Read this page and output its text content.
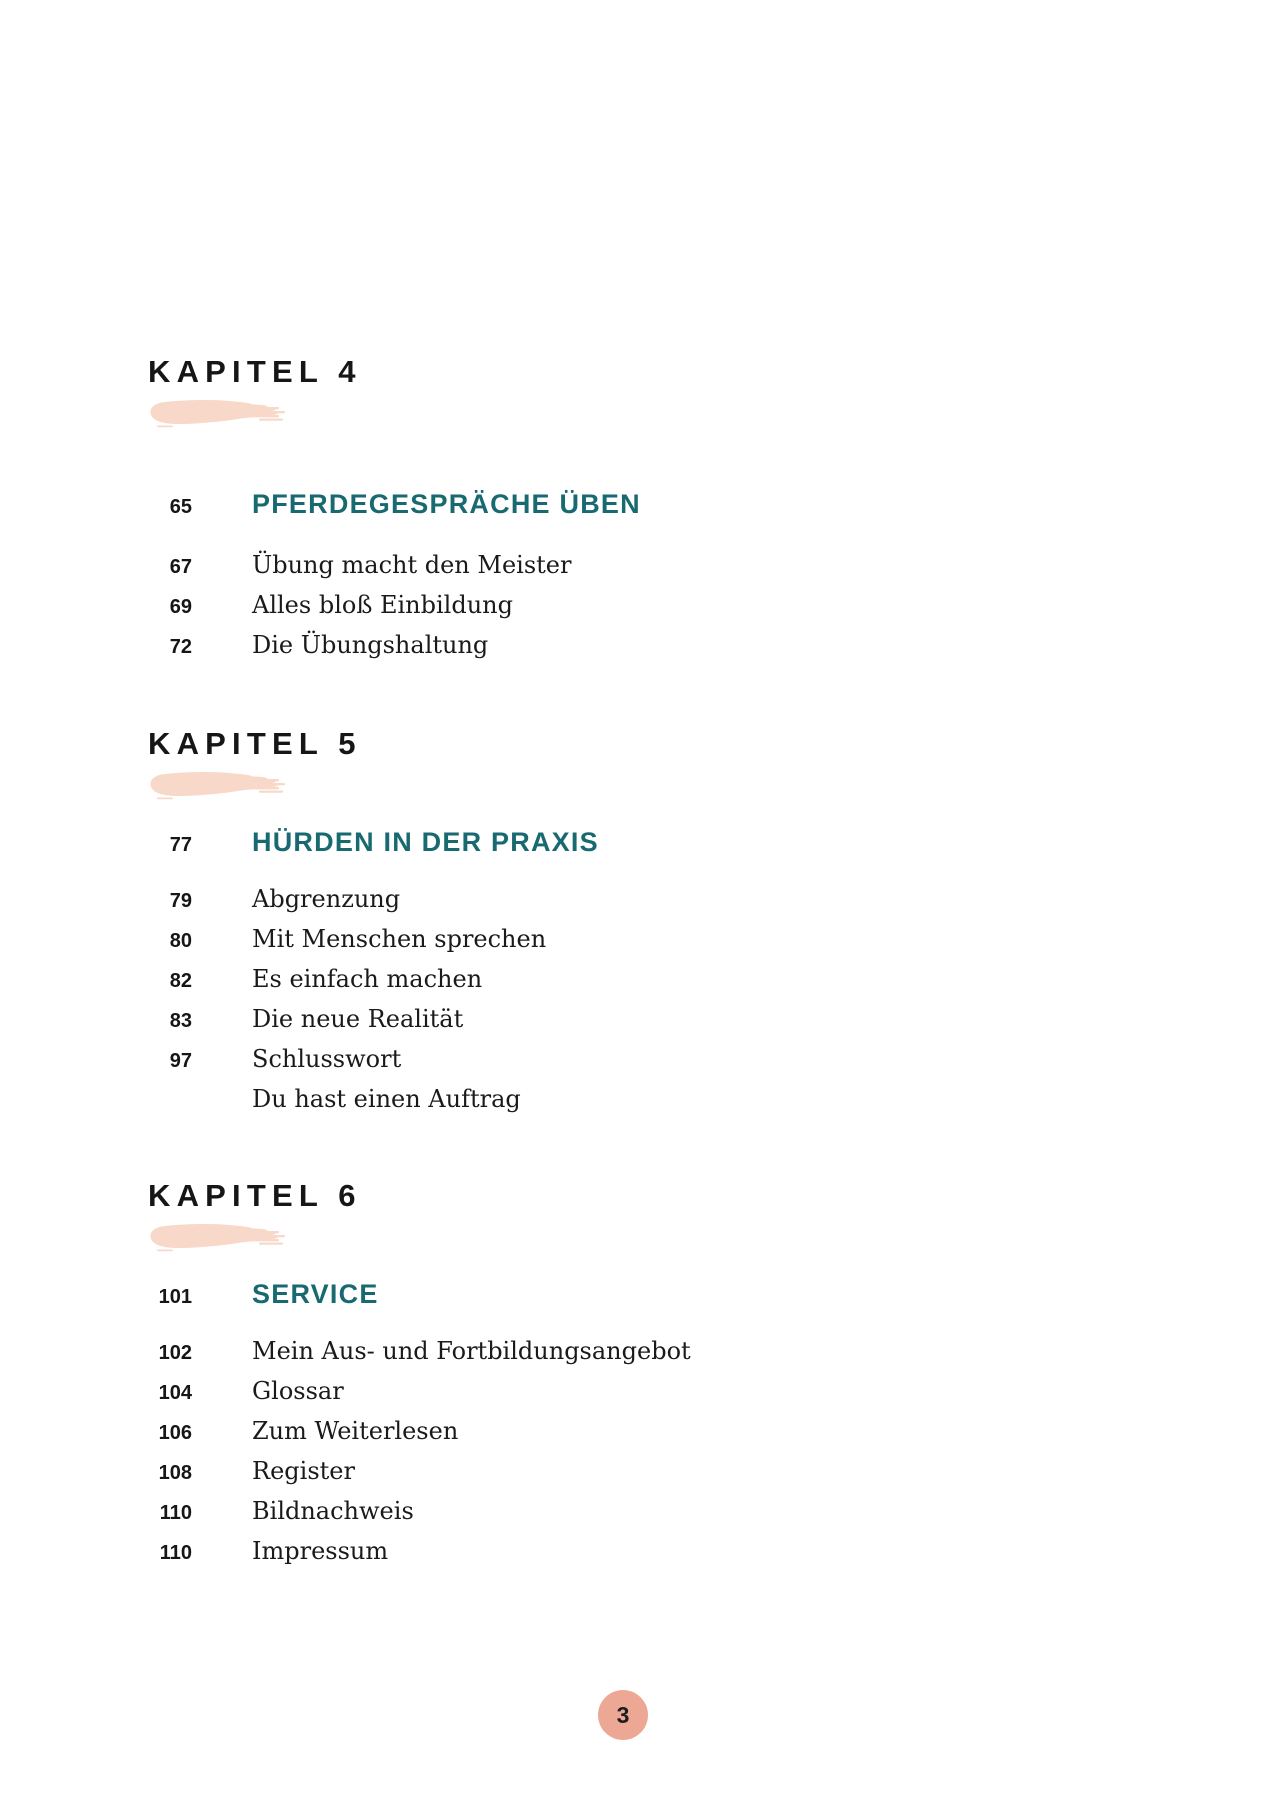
KAPITEL 4
65 PFERDEGESPRÄCHE ÜBEN
67	Übung macht den Meister
69	Alles bloß Einbildung
72	Die Übungshaltung
KAPITEL 5
77 HÜRDEN IN DER PRAXIS
79	Abgrenzung
80	Mit Menschen sprechen
82	Es einfach machen
83	Die neue Realität
97	Schlusswort
Du hast einen Auftrag
KAPITEL 6
101 SERVICE
102	Mein Aus- und Fortbildungsangebot
104	Glossar
106	Zum Weiterlesen
108	Register
110	Bildnachweis
110	Impressum
3
